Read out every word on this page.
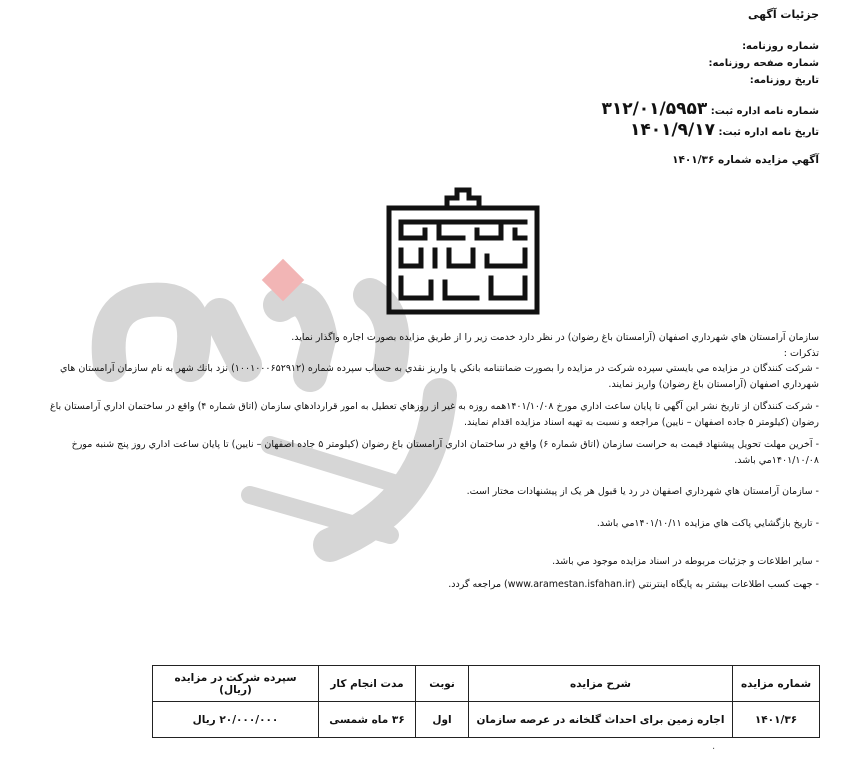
جزئیات آگهی
شماره روزنامه:
شماره صفحه روزنامه:
تاریخ روزنامه:
شماره نامه اداره ثبت: ۳۱۲/۰۱/۵۹۵۳
تاریخ نامه اداره ثبت: ۱۴۰۱/۹/۱۷
آگهي مزايده شماره ۱۴۰۱/۳۶

سازمان آرامستان هاي شهرداري اصفهان (آرامستان باغ رضوان) در نظر دارد خدمت زير را از طريق مزايده بصورت اجاره واگذار نمايد.

تذكرات :

- شركت كنندگان در مزايده مي بايستي سپرده شركت در مزايده را بصورت ضمانتنامه بانكي يا واريز نقدي به حساب سپرده شماره (۱۰۰۱۰۰۰۶۵۲۹۱۲) نزد بانك شهر به نام سازمان آرامستان هاي شهرداري اصفهان (آرامستان باغ رضوان) واريز نمايند.

- شركت كنندگان از تاريخ نشر اين آگهي تا پايان ساعت اداري مورخ ۱۴۰۱/۱۰/۰۸همه روزه به غير از روزهاي تعطيل به امور قراردادهاي سازمان (اتاق شماره ۴) واقع در ساختمان اداري آرامستان باغ رضوان (كيلومتر ۵ جاده اصفهان – نايين) مراجعه و نسبت به تهيه اسناد مزايده اقدام نمايند.

- آخرين مهلت تحويل پيشنهاد قيمت به حراست سازمان (اتاق شماره ۶) واقع در ساختمان اداري آرامستان باغ رضوان (كيلومتر ۵ جاده اصفهان – نايين) تا پايان ساعت اداري روز پنج شنبه مورخ ۱۴۰۱/۱۰/۰۸مي باشد.

- سازمان آرامستان هاي شهرداري اصفهان در رد يا قبول هر يک از پيشنهادات مختار است.

- تاريخ بازگشايي پاكت هاي مزايده ۱۴۰۱/۱۰/۱۱مي باشد.

- ساير اطلاعات و جزئيات مربوطه در اسناد مزايده موجود مي باشد.

- جهت كسب اطلاعات بيشتر به پايگاه اينترنتي (www.aramestan.isfahan.ir) مراجعه گردد.

شماره مزايده	شرح مزايده	نوبت	مدت انجام كار	سپرده شركت در مزايده (ريال)
۱۴۰۱/۳۶	اجاره زمین برای احداث گلخانه در عرصه سازمان	اول	۳۶ ماه شمسی	۲۰/۰۰۰/۰۰۰ ريال
·
